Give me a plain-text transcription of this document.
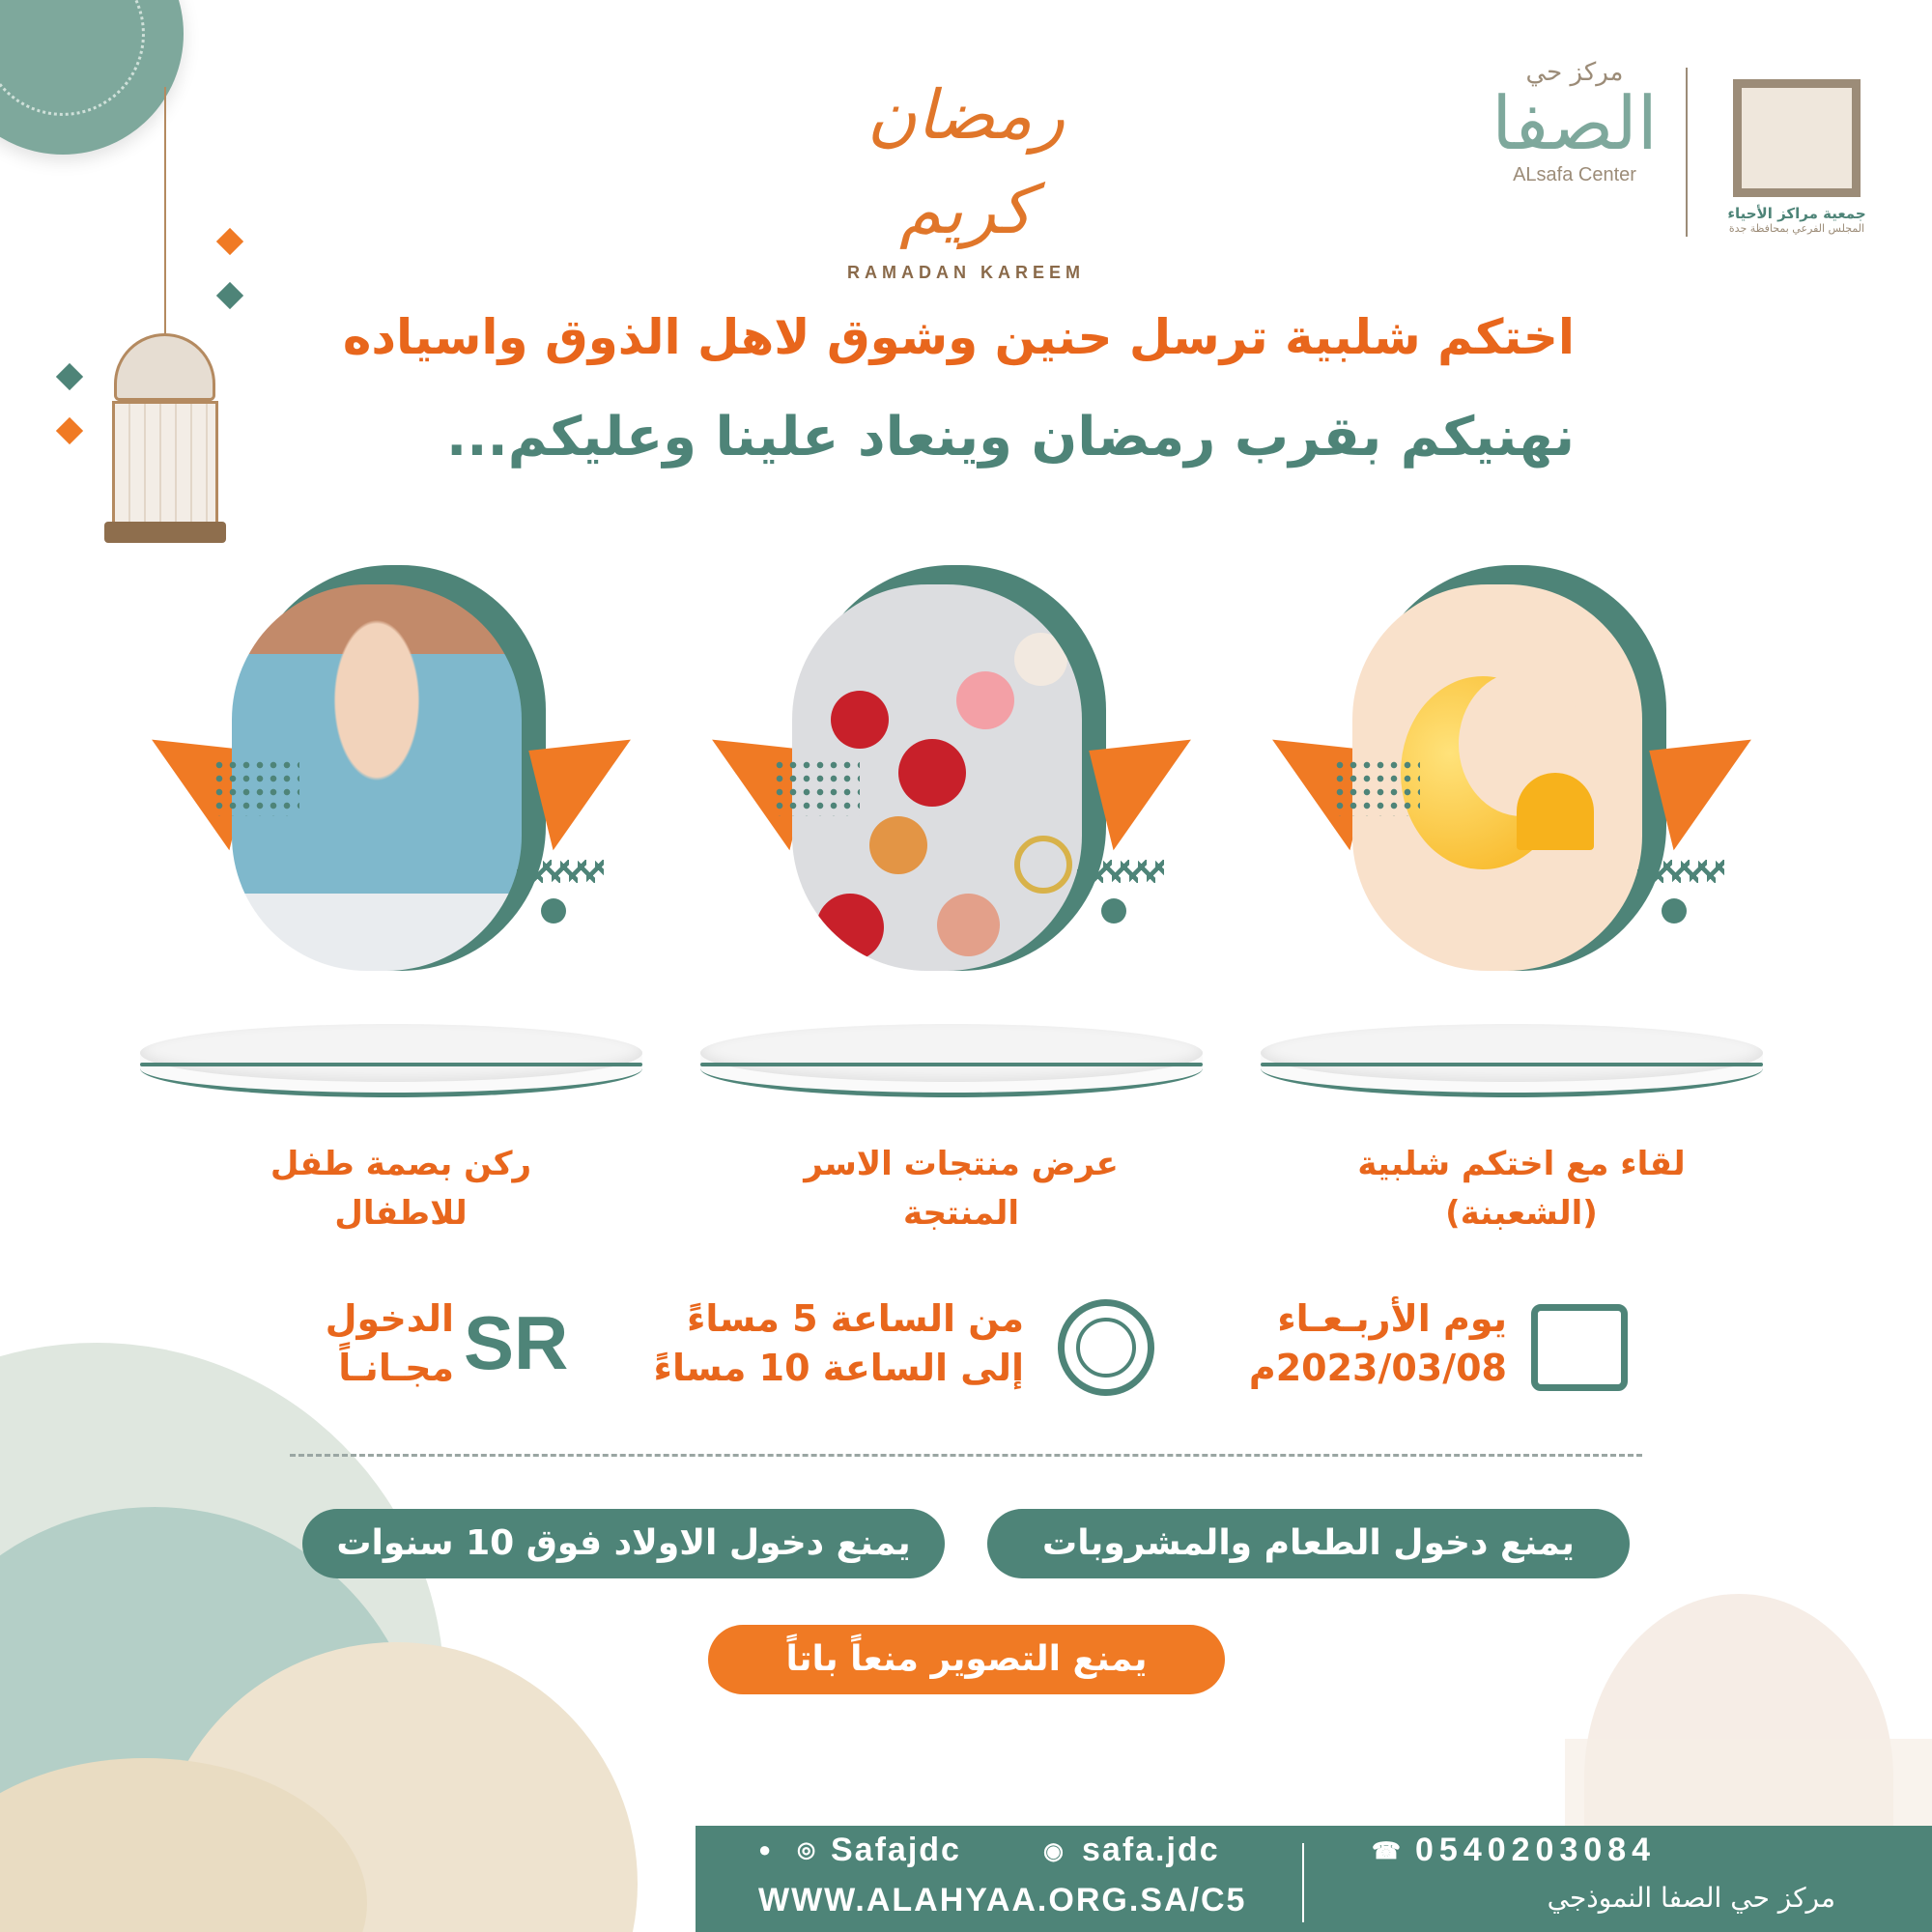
رمضان كريم
RAMADAN KAREEM
مركز حي
الصفا
ALsafa Center
جمعية مراكز الأحياء
المجلس الفرعي بمحافظة جدة
اختكم شلبية ترسل حنين وشوق لاهل الذوق واسياده
نهنيكم بقرب رمضان وينعاد علينا وعليكم...
ركن بصمة طفل
للاطفال
عرض منتجات الاسر
المنتجة
لقاء مع اختكم شلبية
(الشعبنة)
الدخول
مجـانـاً SR	من الساعة 5 مساءً
إلى الساعة 10 مساءً
يوم الأربـعـاء
2023/03/08م
يمنع دخول الطعام والمشروبات
يمنع دخول الاولاد فوق 10 سنوات
يمنع التصوير منعاً باتاً
● ◎ Safajdc	◉ safa.jdc
WWW.ALAHYAA.ORG.SA/C5
☎ 0540203084
مركز حي الصفا النموذجي
